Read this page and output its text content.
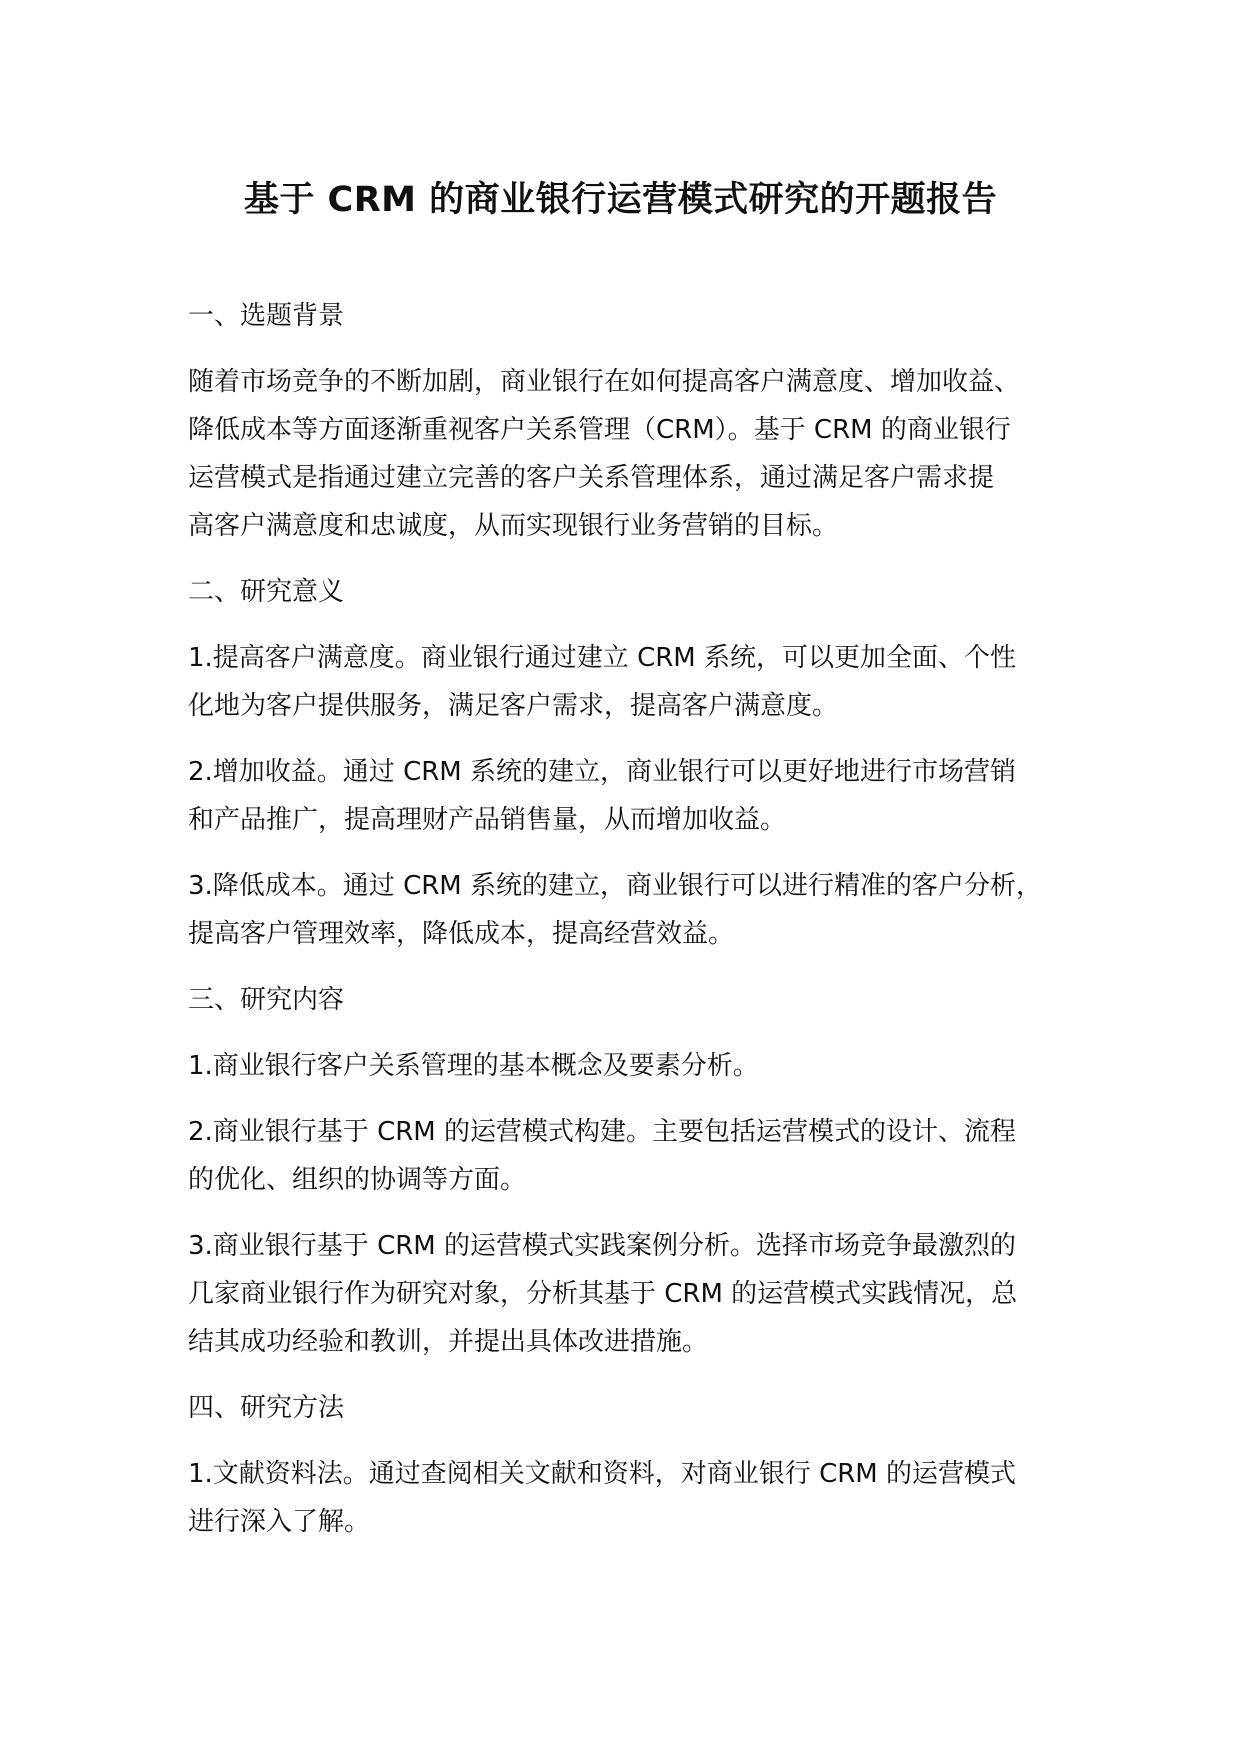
基于 CRM 的商业银行运营模式研究的开题报告
一、选题背景
随着市场竞争的不断加剧，商业银行在如何提高客户满意度、增加收益、
降低成本等方面逐渐重视客户关系管理（CRM）。基于 CRM 的商业银行
运营模式是指通过建立完善的客户关系管理体系，通过满足客户需求提
高客户满意度和忠诚度，从而实现银行业务营销的目标。
二、研究意义
1.提高客户满意度。商业银行通过建立 CRM 系统，可以更加全面、个性
化地为客户提供服务，满足客户需求，提高客户满意度。
2.增加收益。通过 CRM 系统的建立，商业银行可以更好地进行市场营销
和产品推广，提高理财产品销售量，从而增加收益。
3.降低成本。通过 CRM 系统的建立，商业银行可以进行精准的客户分析，
提高客户管理效率，降低成本，提高经营效益。
三、研究内容
1.商业银行客户关系管理的基本概念及要素分析。
2.商业银行基于 CRM 的运营模式构建。主要包括运营模式的设计、流程
的优化、组织的协调等方面。
3.商业银行基于 CRM 的运营模式实践案例分析。选择市场竞争最激烈的
几家商业银行作为研究对象，分析其基于 CRM 的运营模式实践情况，总
结其成功经验和教训，并提出具体改进措施。
四、研究方法
1.文献资料法。通过查阅相关文献和资料，对商业银行 CRM 的运营模式
进行深入了解。
